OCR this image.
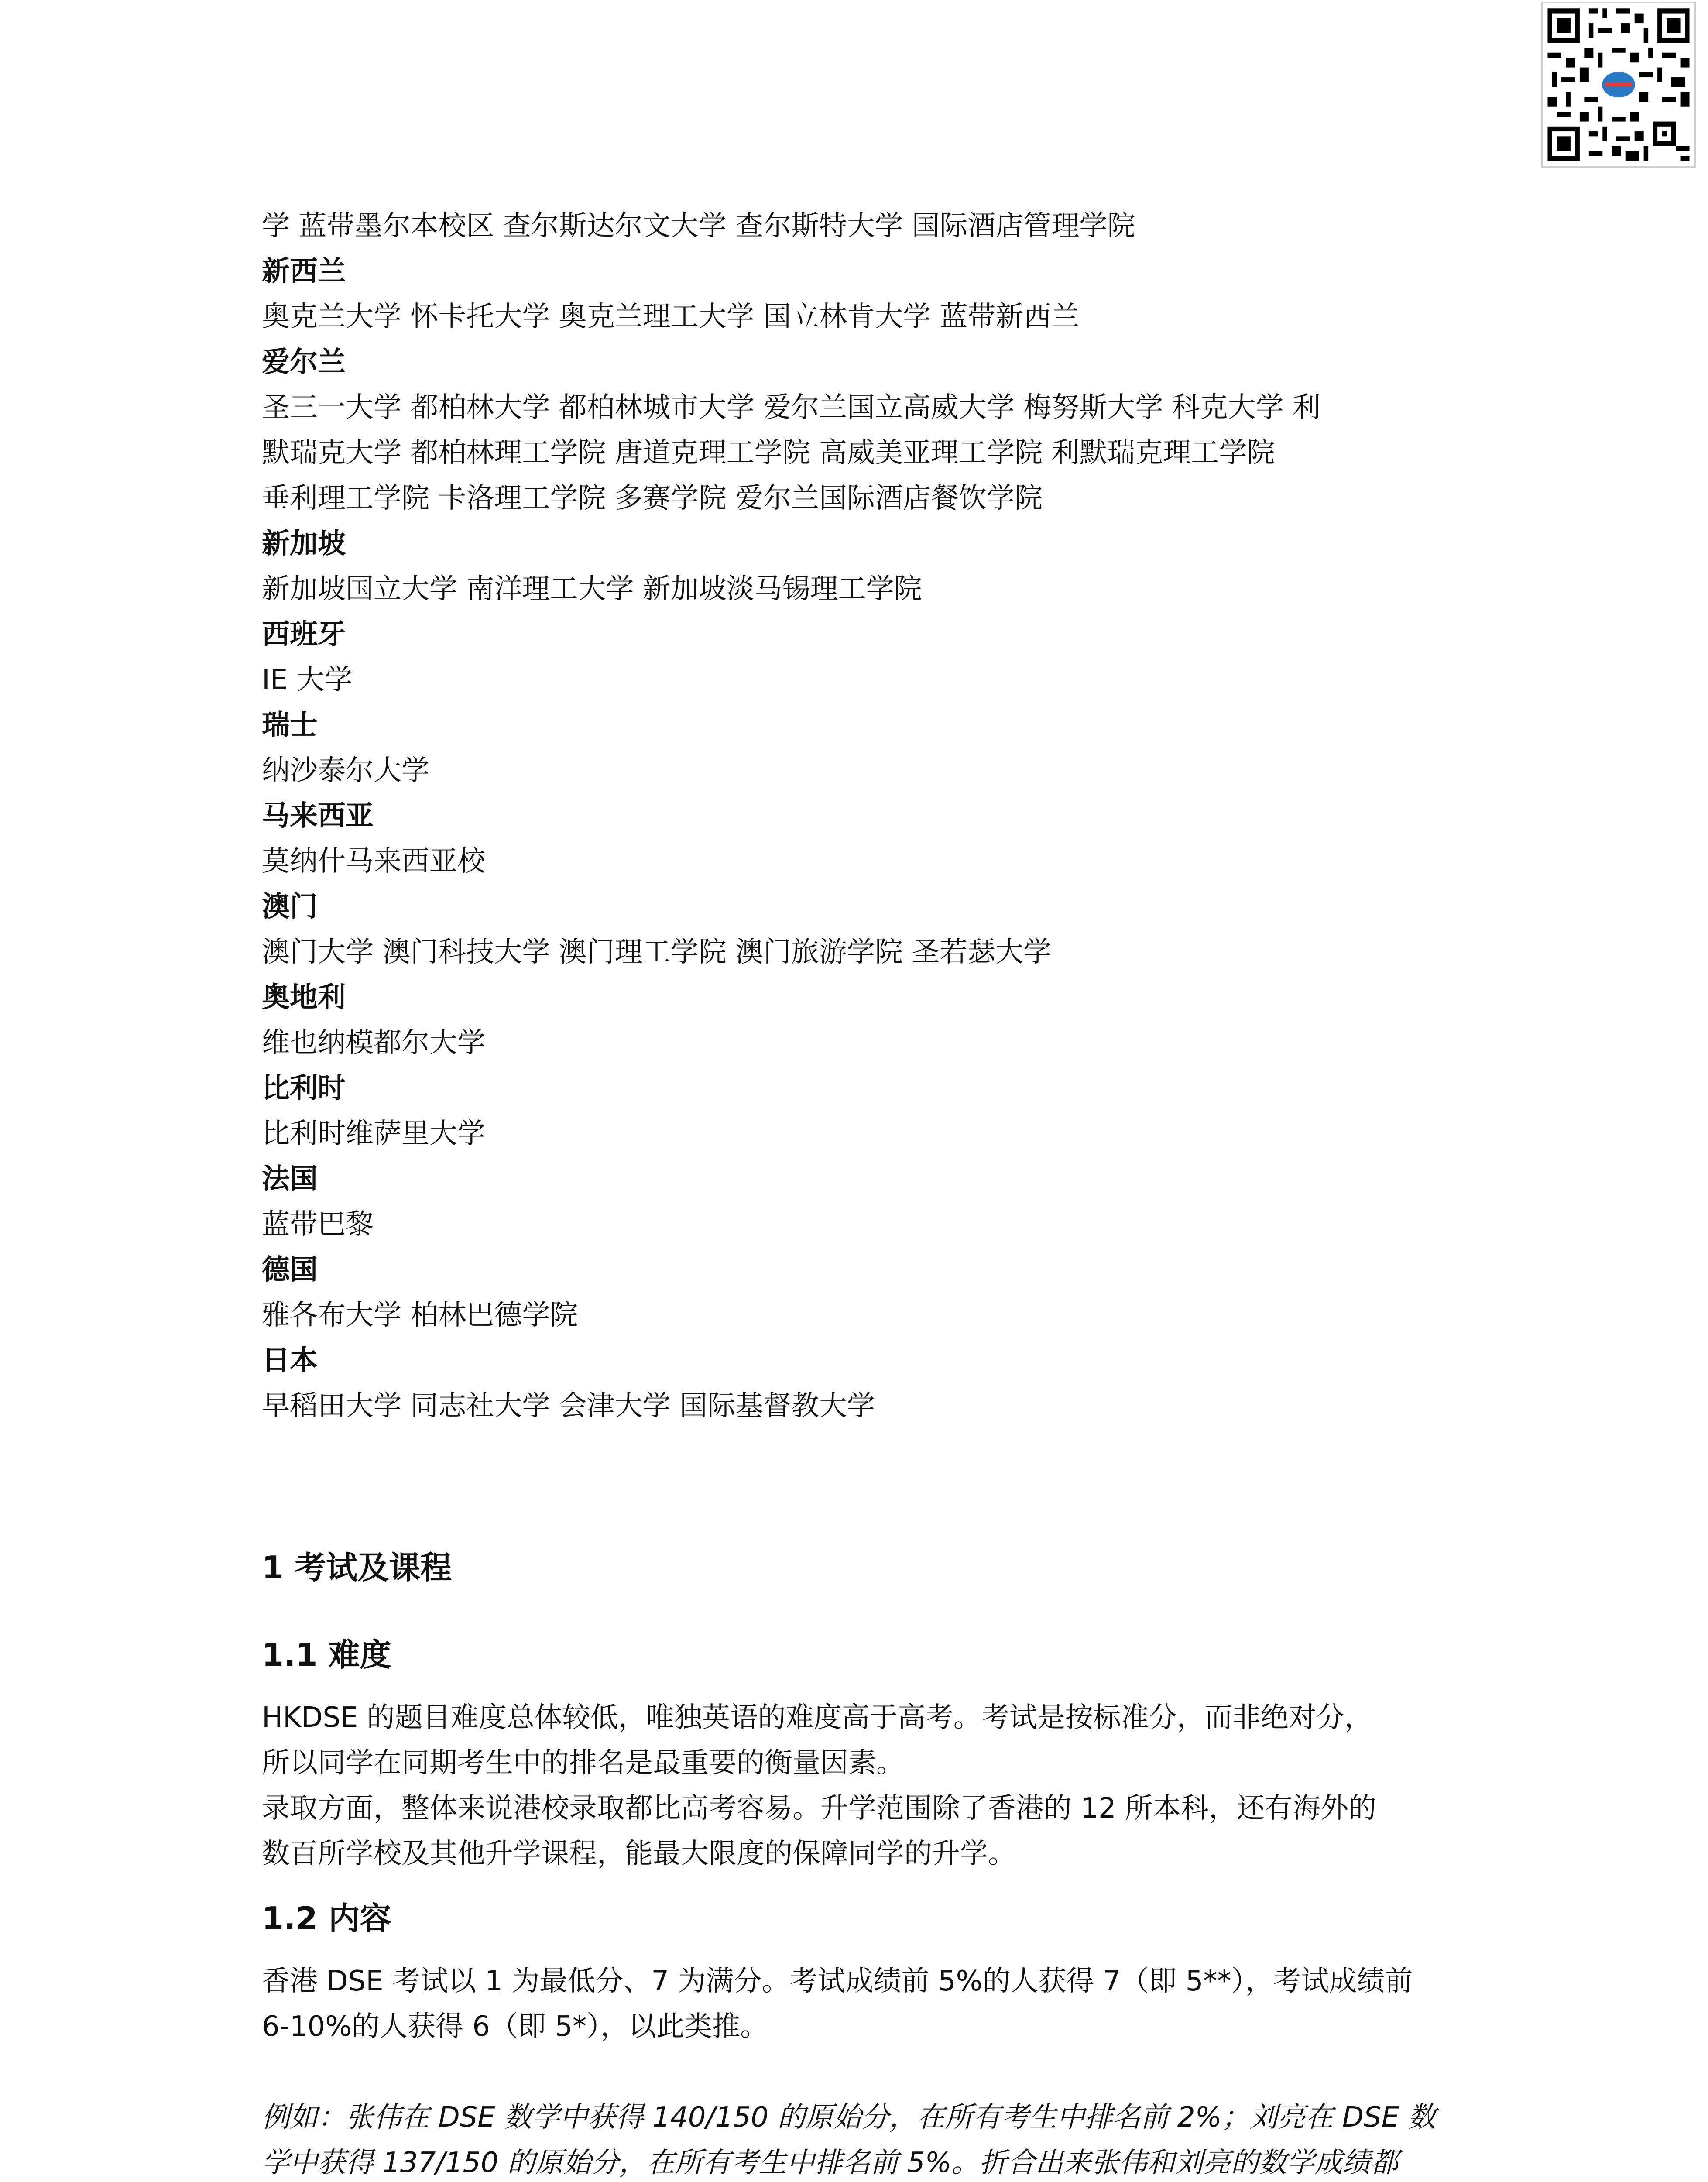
学 蓝带墨尔本校区 查尔斯达尔文大学 查尔斯特大学 国际酒店管理学院
新西兰
奥克兰大学 怀卡托大学 奥克兰理工大学 国立林肯大学 蓝带新西兰
爱尔兰
圣三一大学 都柏林大学 都柏林城市大学 爱尔兰国立高威大学 梅努斯大学 科克大学 利
默瑞克大学 都柏林理工学院 唐道克理工学院 高威美亚理工学院 利默瑞克理工学院
垂利理工学院 卡洛理工学院 多赛学院 爱尔兰国际酒店餐饮学院
新加坡
新加坡国立大学 南洋理工大学 新加坡淡马锡理工学院
西班牙
IE 大学
瑞士
纳沙泰尔大学
马来西亚
莫纳什马来西亚校
澳门
澳门大学 澳门科技大学 澳门理工学院 澳门旅游学院 圣若瑟大学
奥地利
维也纳模都尔大学
比利时
比利时维萨里大学
法国
蓝带巴黎
德国
雅各布大学 柏林巴德学院
日本
早稻田大学 同志社大学 会津大学 国际基督教大学
1 考试及课程
1.1 难度
HKDSE 的题目难度总体较低，唯独英语的难度高于高考。考试是按标准分，而非绝对分，
所以同学在同期考生中的排名是最重要的衡量因素。
录取方面，整体来说港校录取都比高考容易。升学范围除了香港的 12 所本科，还有海外的
数百所学校及其他升学课程，能最大限度的保障同学的升学。
1.2 内容
香港 DSE 考试以 1 为最低分、7 为满分。考试成绩前 5%的人获得 7（即 5**），考试成绩前
6-10%的人获得 6（即 5*），以此类推。
例如：张伟在 DSE 数学中获得 140/150 的原始分，在所有考生中排名前 2%；刘亮在 DSE 数
学中获得 137/150 的原始分，在所有考生中排名前 5%。折合出来张伟和刘亮的数学成绩都
